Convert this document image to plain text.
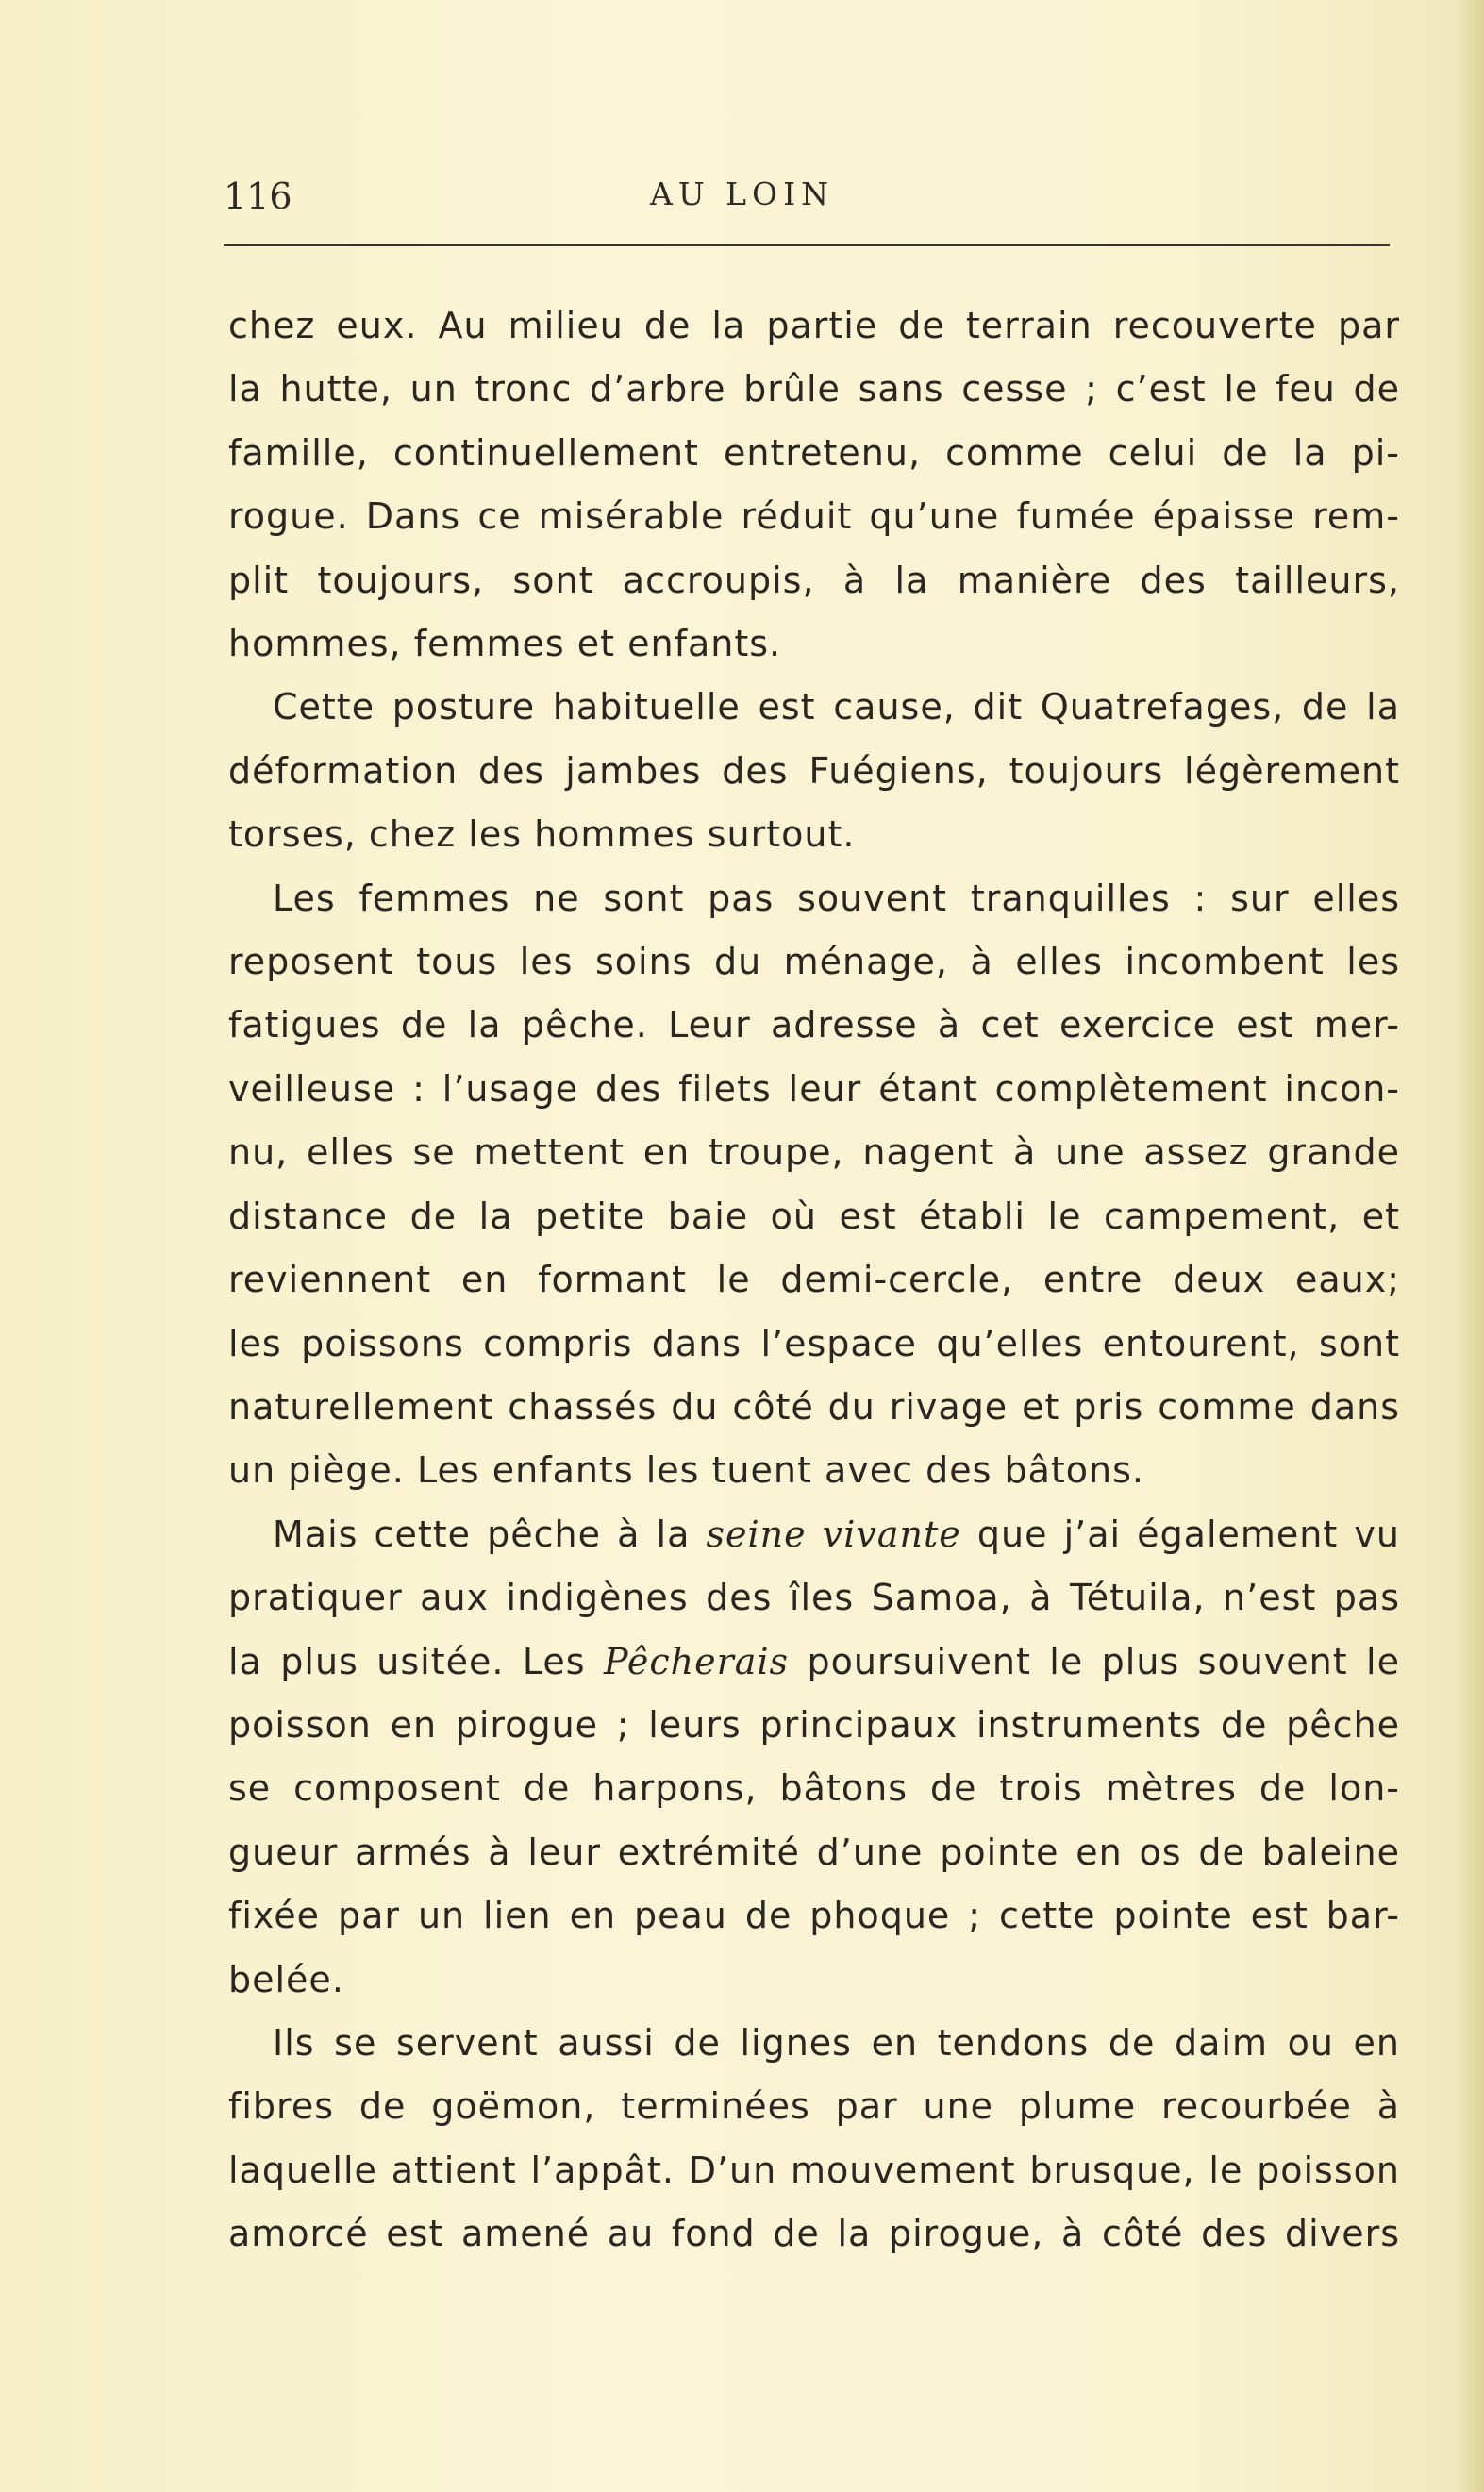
116	AU LOIN
chez eux. Au milieu de la partie de terrain recouverte par
la hutte, un tronc d’arbre brûle sans cesse ; c’est le feu de
famille, continuellement entretenu, comme celui de la pi-
rogue. Dans ce misérable réduit qu’une fumée épaisse rem-
plit toujours, sont accroupis, à la manière des tailleurs,
hommes, femmes et enfants.
Cette posture habituelle est cause, dit Quatrefages, de la
déformation des jambes des Fuégiens, toujours légèrement
torses, chez les hommes surtout.
Les femmes ne sont pas souvent tranquilles : sur elles
reposent tous les soins du ménage, à elles incombent les
fatigues de la pêche. Leur adresse à cet exercice est mer-
veilleuse : l’usage des filets leur étant complètement incon-
nu, elles se mettent en troupe, nagent à une assez grande
distance de la petite baie où est établi le campement, et
reviennent en formant le demi-cercle, entre deux eaux;
les poissons compris dans l’espace qu’elles entourent, sont
naturellement chassés du côté du rivage et pris comme dans
un piège. Les enfants les tuent avec des bâtons.
Mais cette pêche à la seine vivante que j’ai également vu
pratiquer aux indigènes des îles Samoa, à Tétuila, n’est pas
la plus usitée. Les Pêcherais poursuivent le plus souvent le
poisson en pirogue ; leurs principaux instruments de pêche
se composent de harpons, bâtons de trois mètres de lon-
gueur armés à leur extrémité d’une pointe en os de baleine
fixée par un lien en peau de phoque ; cette pointe est bar-
belée.
Ils se servent aussi de lignes en tendons de daim ou en
fibres de goëmon, terminées par une plume recourbée à
laquelle attient l’appât. D’un mouvement brusque, le poisson
amorcé est amené au fond de la pirogue, à côté des divers
